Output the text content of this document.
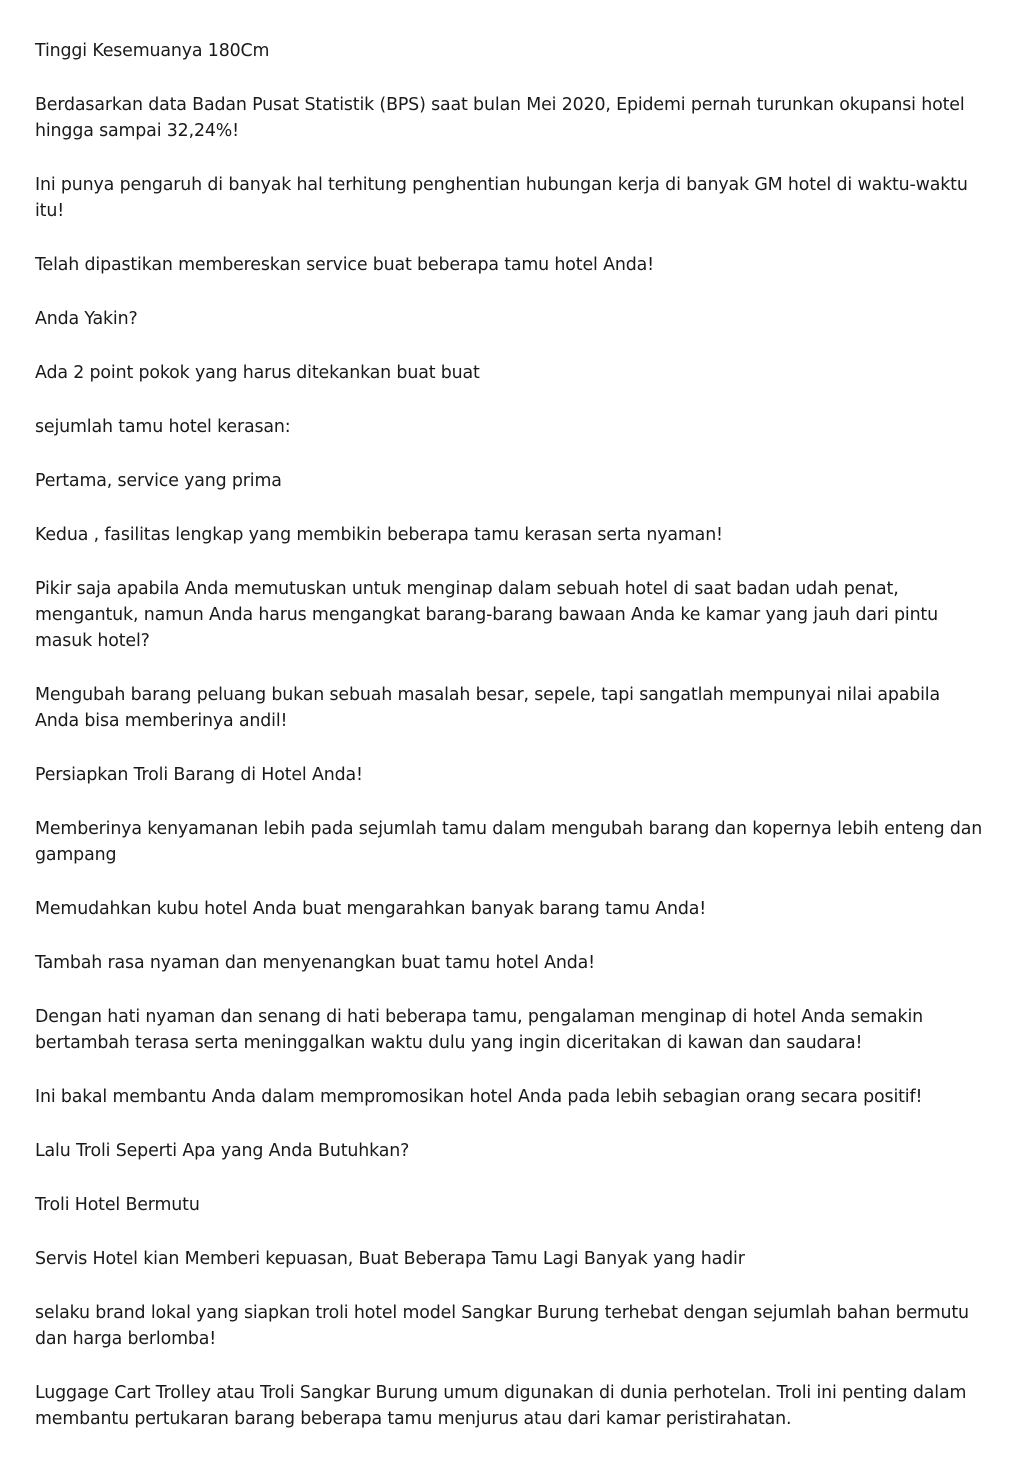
Tinggi Kesemuanya 180Cm

Berdasarkan data Badan Pusat Statistik (BPS) saat bulan Mei 2020, Epidemi pernah turunkan okupansi hotel hingga sampai 32,24%!

Ini punya pengaruh di banyak hal terhitung penghentian hubungan kerja di banyak GM hotel di waktu-waktu itu!

Telah dipastikan membereskan service buat beberapa tamu hotel Anda!

Anda Yakin?

Ada 2 point pokok yang harus ditekankan buat buat

sejumlah tamu hotel kerasan:

Pertama, service yang prima

Kedua , fasilitas lengkap yang membikin beberapa tamu kerasan serta nyaman!

Pikir saja apabila Anda memutuskan untuk menginap dalam sebuah hotel di saat badan udah penat, mengantuk, namun Anda harus mengangkat barang-barang bawaan Anda ke kamar yang jauh dari pintu masuk hotel?

Mengubah barang peluang bukan sebuah masalah besar, sepele, tapi sangatlah mempunyai nilai apabila Anda bisa memberinya andil!

Persiapkan Troli Barang di Hotel Anda!

Memberinya kenyamanan lebih pada sejumlah tamu dalam mengubah barang dan kopernya lebih enteng dan gampang

Memudahkan kubu hotel Anda buat mengarahkan banyak barang tamu Anda!

Tambah rasa nyaman dan menyenangkan buat tamu hotel Anda!

Dengan hati nyaman dan senang di hati beberapa tamu, pengalaman menginap di hotel Anda semakin bertambah terasa serta meninggalkan waktu dulu yang ingin diceritakan di kawan dan saudara!

Ini bakal membantu Anda dalam mempromosikan hotel Anda pada lebih sebagian orang secara positif!

Lalu Troli Seperti Apa yang Anda Butuhkan?

Troli Hotel Bermutu

Servis Hotel kian Memberi kepuasan, Buat Beberapa Tamu Lagi Banyak yang hadir

selaku brand lokal yang siapkan troli hotel model Sangkar Burung terhebat dengan sejumlah bahan bermutu dan harga berlomba!

Luggage Cart Trolley atau Troli Sangkar Burung umum digunakan di dunia perhotelan. Troli ini penting dalam membantu pertukaran barang beberapa tamu menjurus atau dari kamar peristirahatan.
